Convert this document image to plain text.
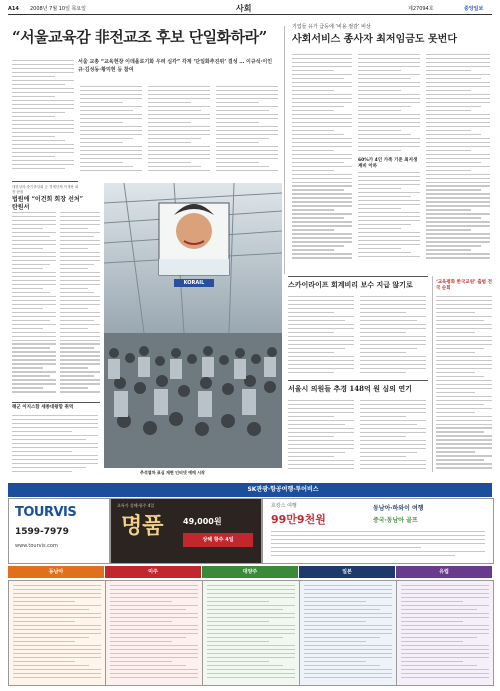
A14 2008년 7월 10일 목요일	사회	제27094호	중앙일보
“서울교육감 非전교조 후보 단일화하라”
서울 교총 “교육현장 이데올로기화 우려 심각” 각계 ‘단일화추진위’ 결성 … 이규석·이인규·김성동·황익현 등 참여
기업들 유가 급등에 ‘비용 절감’ 비상
사회서비스 종사자 최저임금도 못번다
60%가 4인 가족 기준 최저생계비 이하
대한상의·중기중앙회 등 경제단체 이재용 회장 탄원
법원에 “이건희 회장 선처” 탄원서
해군 이지스함 세종대왕함 취역
KORAIL
추석열차 표심 재현 인터넷 예매 시작
스카이라이프 회계비리 보수 지급 않기로
서울시 의원들 추경 148억 원 심의 연기
‘교육평화 한국교원’ 출범 전국 순회
SK관광‧항공여행‧투어비스
TOURVIS
1599-7979
www.tourvis.com
초특가 상해‧항주 4일
명품 49,000원
상해 항주 4일
호캉스 여행
99만9천원
동남아‧하와이 여행
중국‧동남아 골프
동남아	미주	대양주	일본	유럽
